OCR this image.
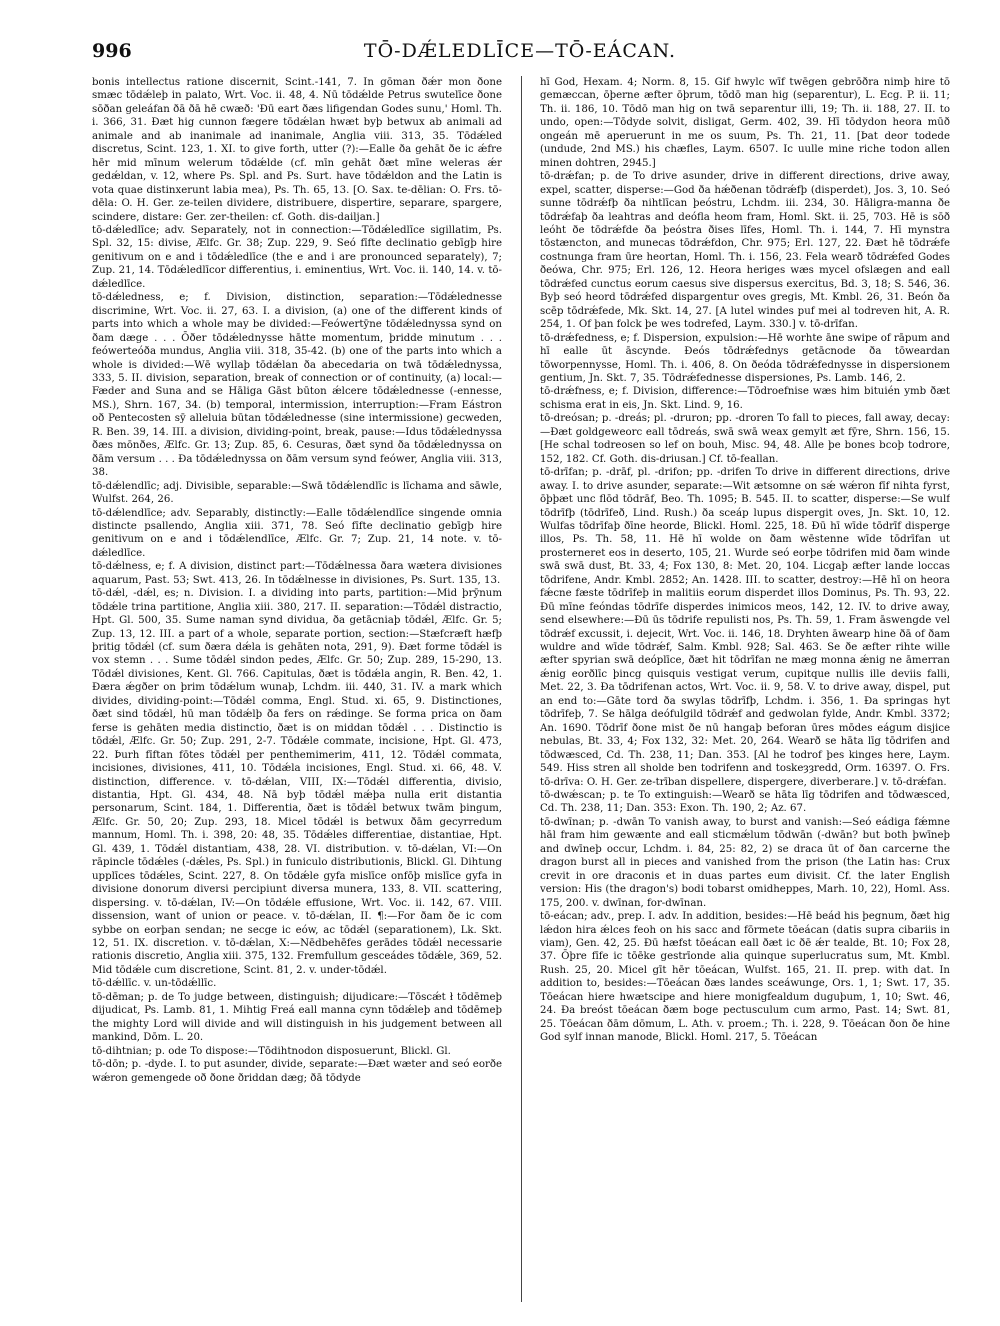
996	TŌ-DǼLEDLĪCE—TŌ-EÁCAN.

bonis intellectus ratione discernit, Scint.-141, 7. In gōman ðǽr mon ðone smæc tōdǽleþ in palato, Wrt. Voc. ii. 48, 4. Nū tōdǽlde Petrus swutelīce ðone sōðan geleáfan ðā ðā hē cwæð: 'Ðū eart ðæs lifigendan Godes sunu,' Homl. Th. i. 366, 31. Ðæt hig cunnon fægere tōdǽlan hwæt byþ betwux ab animali ad animale and ab inanimale ad inanimale, Anglia viii. 313, 35. Tōdǽled discretus, Scint. 123, 1. XI. to give forth, utter (?):—Ealle ða gehāt ðe ic ǽfre hēr mid mīnum welerum tōdǽlde (cf. mīn gehāt ðæt mīne weleras ǽr gedǽldan, v. 12, where Ps. Spl. and Ps. Surt. have tōdǽldon and the Latin is vota quae distinxerunt labia mea), Ps. Th. 65, 13. [O. Sax. te-dēlian: O. Frs. tō-dēla: O. H. Ger. ze-teilen dividere, distribuere, dispertire, separare, spargere, scindere, distare: Ger. zer-theilen: cf. Goth. dis-dailjan.]

tō-dǽledlīce; adv. Separately, not in connection:—Tōdǽledlīce sigillatim, Ps. Spl. 32, 15: divise, Ælfc. Gr. 38; Zup. 229, 9. Seó fīfte declinatio gebīgþ hire genitivum on e and i tōdǽledlīce (the e and i are pronounced separately), 7; Zup. 21, 14. Tōdǽledlīcor differentius, i. eminentius, Wrt. Voc. ii. 140, 14. v. tō-dǽledlīce.

tō-dǽledness, e; f. Division, distinction, separation:—Tōdǽlednesse discrimine, Wrt. Voc. ii. 27, 63. I. a division, (a) one of the different kinds of parts into which a whole may be divided:—Feówertȳne tōdǽlednyssa synd on ðam dæge . . . Ōðer tōdǽlednysse hātte momentum, þridde minutum . . . feówerteóða mundus, Anglia viii. 318, 35-42. (b) one of the parts into which a whole is divided:—Wē wyllaþ tōdǽlan ða abecedaria on twā tōdǽlednyssa, 333, 5. II. division, separation, break of connection or of continuity, (a) local:—Fæder and Suna and se Hāliga Gāst būton ǽlcere tōdǽlednesse (-ennesse, MS.), Shrn. 167, 34. (b) temporal, intermission, interruption:—Fram Eástron oð Pentecosten sȳ alleluia būtan tōdǽlednesse (sine intermissione) gecweden, R. Ben. 39, 14. III. a division, dividing-point, break, pause:—Idus tōdǽlednyssa ðæs mōnðes, Ælfc. Gr. 13; Zup. 85, 6. Cesuras, ðæt synd ða tōdǽlednyssa on ðām versum . . . Ða tōdǽlednyssa on ðām versum synd feówer, Anglia viii. 313, 38.

tō-dǽlendlīc; adj. Divisible, separable:—Swā tōdǽlendlīc is līchama and sāwle, Wulfst. 264, 26.

tō-dǽlendlīce; adv. Separably, distinctly:—Ealle tōdǽlendlīce singende omnia distincte psallendo, Anglia xiii. 371, 78. Seó fīfte declinatio gebīgþ hire genitivum on e and i tōdǽlendlīce, Ælfc. Gr. 7; Zup. 21, 14 note. v. tō-dǽledlīce.

tō-dǽlness, e; f. A division, distinct part:—Tōdǽlnessa ðara wætera divisiones aquarum, Past. 53; Swt. 413, 26. In tōdǽlnesse in divisiones, Ps. Surt. 135, 13.

tō-dǽl, -dǽl, es; n. Division. I. a dividing into parts, partition:—Mid þrȳnum tōdǽle trina partitione, Anglia xiii. 380, 217. II. separation:—Tōdǽl distractio, Hpt. Gl. 500, 35. Sume naman synd dividua, ða getācniaþ tōdǽl, Ælfc. Gr. 5; Zup. 13, 12. III. a part of a whole, separate portion, section:—Stæfcræft hæfþ þritig tōdǽl (cf. sum ðæra dǽla is gehāten nota, 291, 9). Ðæt forme tōdǽl is vox stemn . . . Sume tōdǽl sindon pedes, Ælfc. Gr. 50; Zup. 289, 15-290, 13. Tōdǽl divisiones, Kent. Gl. 766. Capitulas, ðæt is tōdǽla angin, R. Ben. 42, 1. Ðæra ǽgðer on þrim tōdǽlum wunaþ, Lchdm. iii. 440, 31. IV. a mark which divides, dividing-point:—Tōdǽl comma, Engl. Stud. xi. 65, 9. Distinctiones, ðæt sind tōdǽl, hū man tōdǽlþ ða fers on rǽdinge. Se forma prica on ðam ferse is gehāten media distinctio, ðæt is on middan tōdǽl . . . Distinctio is tōdǽl, Ælfc. Gr. 50; Zup. 291, 2-7. Tōdǽle commate, incisione, Hpt. Gl. 473, 22. Þurh fīftan fōtes tōdǽl per penthemimerim, 411, 12. Tōdǽl commata, incisiones, divisiones, 411, 10. Tōdǽla incisiones, Engl. Stud. xi. 66, 48. V. distinction, difference. v. tō-dǽlan, VIII, IX:—Tōdǽl differentia, divisio, distantia, Hpt. Gl. 434, 48. Nā byþ tōdǽl mǽþa nulla erit distantia personarum, Scint. 184, 1. Differentia, ðæt is tōdǽl betwux twām þingum, Ælfc. Gr. 50, 20; Zup. 293, 18. Micel tōdǽl is betwux ðām gecyrredum mannum, Homl. Th. i. 398, 20: 48, 35. Tōdǽles differentiae, distantiae, Hpt. Gl. 439, 1. Tōdǽl distantiam, 438, 28. VI. distribution. v. tō-dǽlan, VI:—On rāpincle tōdǽles (-dǽles, Ps. Spl.) in funiculo distributionis, Blickl. Gl. Dihtung upplīces tōdǽles, Scint. 227, 8. On tōdǽle gyfa mislīce onfōþ mislīce gyfa in divisione donorum diversi percipiunt diversa munera, 133, 8. VII. scattering, dispersing. v. tō-dǽlan, IV:—On tōdǽle effusione, Wrt. Voc. ii. 142, 67. VIII. dissension, want of union or peace. v. tō-dǽlan, II. ¶:—For ðam ðe ic com sybbe on eorþan sendan; ne secge ic eów, ac tōdǽl (separationem), Lk. Skt. 12, 51. IX. discretion. v. tō-dǽlan, X:—Nēdbehēfes gerādes tōdǽl necessarie rationis discretio, Anglia xiii. 375, 132. Fremfullum gesceádes tōdǽle, 369, 52. Mid tōdǽle cum discretione, Scint. 81, 2. v. under-tōdǽl.

tō-dǽllīc. v. un-tōdǽllīc.

tō-dēman; p. de To judge between, distinguish; dijudicare:—Tōscǽt ł tōdēmeþ dijudicat, Ps. Lamb. 81, 1. Mihtig Freá eall manna cynn tōdǽleþ and tōdēmeþ the mighty Lord will divide and will distinguish in his judgement between all mankind, Dōm. L. 20.

tō-dihtnian; p. ode To dispose:—Tōdihtnodon disposuerunt, Blickl. Gl.

tō-dōn; p. -dyde. I. to put asunder, divide, separate:—Ðæt wæter and seó eorðe wǽron gemengede oð ðone ðriddan dæg; ðā tōdyde

hī God, Hexam. 4; Norm. 8, 15. Gif hwylc wīf twēgen gebrōðra nimþ hire tō gemæccan, ōþerne æfter ōþrum, tōdō man hig (separentur), L. Ecg. P. ii. 11; Th. ii. 186, 10. Tōdō man hig on twā separentur illi, 19; Th. ii. 188, 27. II. to undo, open:—Tōdyde solvit, disligat, Germ. 402, 39. Hī tōdydon heora mūð ongeán mē aperuerunt in me os suum, Ps. Th. 21, 11. [Þat deor todede (undude, 2nd MS.) his chæfles, Laym. 6507. Ic uulle mine riche todon allen minen dohtren, 2945.]

tō-drǽfan; p. de To drive asunder, drive in different directions, drive away, expel, scatter, disperse:—God ða hǽðenan tōdrǽfþ (disperdet), Jos. 3, 10. Seó sunne tōdrǽfþ ða nihtlīcan þeóstru, Lchdm. iii. 234, 30. Hāligra-manna ðe tōdrǽfaþ ða leahtras and deófla heom fram, Homl. Skt. ii. 25, 703. Hē is sōð leóht ðe tōdrǽfde ða þeóstra ðises līfes, Homl. Th. i. 144, 7. Hī mynstra tōstæncton, and munecas tōdrǽfdon, Chr. 975; Erl. 127, 22. Ðæt hē tōdrǽfe costnunga fram ūre heortan, Homl. Th. i. 156, 23. Fela wearð tōdrǽfed Godes ðeówa, Chr. 975; Erl. 126, 12. Heora heriges wæs mycel ofslægen and eall tōdrǽfed cunctus eorum caesus sive dispersus exercitus, Bd. 3, 18; S. 546, 36. Byþ seó heord tōdrǽfed dispargentur oves gregis, Mt. Kmbl. 26, 31. Beón ða scēp tōdrǽfede, Mk. Skt. 14, 27. [A lutel windes puf mei al todreven hit, A. R. 254, 1. Of þan folck þe wes todrefed, Laym. 330.] v. tō-drīfan.

tō-drǽfedness, e; f. Dispersion, expulsion:—Hē worhte āne swipe of rāpum and hī ealle ūt āscynde. Ðeós tōdrǽfednys getācnode ða tōweardan tōworpennysse, Homl. Th. i. 406, 8. On ðeóda tōdrǽfednysse in dispersionem gentium, Jn. Skt. 7, 35. Tōdrǽfednesse dispersiones, Ps. Lamb. 146, 2.

tō-drǽfness, e; f. Division, difference:—Tōdroefnise wæs him bituién ymb ðæt schisma erat in eis, Jn. Skt. Lind. 9, 16.

tō-dreósan; p. -dreás; pl. -druron; pp. -droren To fall to pieces, fall away, decay:—Ðæt goldgeweorc eall tōdreás, swā swā weax gemylt æt fȳre, Shrn. 156, 15. [He schal todreosen so lef on bouh, Misc. 94, 48. Alle þe bones bcoþ todrore, 152, 182. Cf. Goth. dis-driusan.] Cf. tō-feallan.

tō-drīfan; p. -drāf, pl. -drifon; pp. -drifen To drive in different directions, drive away. I. to drive asunder, separate:—Wit ætsomne on sǽ wǽron fīf nihta fyrst, ōþþæt unc flōd tōdrāf, Beo. Th. 1095; B. 545. II. to scatter, disperse:—Se wulf tōdrīfþ (tōdrīfeð, Lind. Rush.) ða sceáp lupus dispergit oves, Jn. Skt. 10, 12. Wulfas tōdrīfaþ ðīne heorde, Blickl. Homl. 225, 18. Ðū hī wīde tōdrīf disperge illos, Ps. Th. 58, 11. Hē hī wolde on ðam wēstenne wīde tōdrīfan ut prosterneret eos in deserto, 105, 21. Wurde seó eorþe tōdrifen mid ðam winde swā swā dust, Bt. 33, 4; Fox 130, 8: Met. 20, 104. Licgaþ æfter lande loccas tōdrifene, Andr. Kmbl. 2852; An. 1428. III. to scatter, destroy:—Hē hī on heora fǽcne fæste tōdrīfeþ in malitiis eorum disperdet illos Dominus, Ps. Th. 93, 22. Ðū mīne feóndas tōdrīfe disperdes inimicos meos, 142, 12. IV. to drive away, send elsewhere:—Ðū ūs tōdrife repulisti nos, Ps. Th. 59, 1. Fram āswengde vel tōdrǽf excussit, i. dejecit, Wrt. Voc. ii. 146, 18. Dryhten āwearp hine ðā of ðam wuldre and wīde tōdrǽf, Salm. Kmbl. 928; Sal. 463. Se ðe æfter rihte wille æfter spyrian swā deóplīce, ðæt hit tōdrīfan ne mæg monna ǽnig ne āmerran ǽnig eorðlīc þincg quisquis vestigat verum, cupitque nullis ille deviis falli, Met. 22, 3. Ða tōdrifenan actos, Wrt. Voc. ii. 9, 58. V. to drive away, dispel, put an end to:—Gāte tord ða swylas tōdrīfþ, Lchdm. i. 356, 1. Ða springas hyt tōdrīfeþ, 7. Se hālga deófulgild tōdrǽf and gedwolan fylde, Andr. Kmbl. 3372; An. 1690. Tōdrīf ðone mist ðe nū hangaþ beforan ūres mōdes eágum disjice nebulas, Bt. 33, 4; Fox 132, 32: Met. 20, 264. Wearð se hāta līg tōdrifen and tōdwæsced, Cd. Th. 238, 11; Dan. 353. [Al he todrof þes kinges here, Laym. 549. Hiss stren all sholde ben todrifenn and toskeȝȝredd, Orm. 16397. O. Frs. tō-drīva: O. H. Ger. ze-trīban dispellere, dispergere, diverberare.] v. tō-drǽfan.

tō-dwǽscan; p. te To extinguish:—Wearð se hāta līg tōdrifen and tōdwæsced, Cd. Th. 238, 11; Dan. 353: Exon. Th. 190, 2; Az. 67.

tō-dwīnan; p. -dwān To vanish away, to burst and vanish:—Seó eádiga fǽmne hāl fram him gewænte and eall sticmǽlum tōdwān (-dwān? but both þwīneþ and dwīneþ occur, Lchdm. i. 84, 25: 82, 2) se draca ūt of ðan carcerne the dragon burst all in pieces and vanished from the prison (the Latin has: Crux crevit in ore draconis et in duas partes eum divisit. Cf. the later English version: His (the dragon's) bodi tobarst omidheppes, Marh. 10, 22), Homl. Ass. 175, 200. v. dwīnan, for-dwīnan.

tō-eácan; adv., prep. I. adv. In addition, besides:—Hē beád his þegnum, ðæt hig lǽdon hira ǽlces feoh on his sacc and fōrmete tōeácan (datis supra cibariis in viam), Gen. 42, 25. Ðū hæfst tōeácan eall ðæt ic ðē ǽr tealde, Bt. 10; Fox 28, 37. Ōþre fīfe ic tōēke gestrīonde alia quinque superlucratus sum, Mt. Kmbl. Rush. 25, 20. Micel gīt hēr tōeácan, Wulfst. 165, 21. II. prep. with dat. In addition to, besides:—Tōeácan ðæs landes sceáwunge, Ors. 1, 1; Swt. 17, 35. Tōeácan hiere hwætscipe and hiere monigfealdum duguþum, 1, 10; Swt. 46, 24. Ða breóst tōeácan ðæm boge pectusculum cum armo, Past. 14; Swt. 81, 25. Tōeácan ðām dōmum, L. Ath. v. proem.; Th. i. 228, 9. Tōeácan ðon ðe hine God sylf innan manode, Blickl. Homl. 217, 5. Tōeácan
